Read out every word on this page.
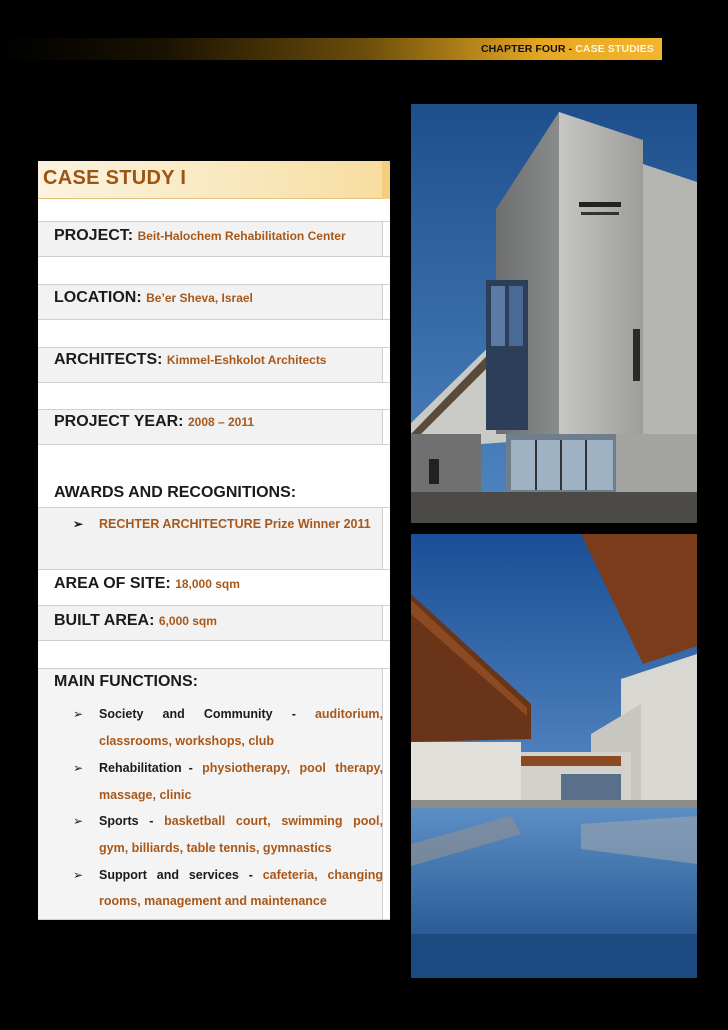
CHAPTER FOUR - CASE STUDIES
CASE STUDY I
PROJECT: Beit-Halochem Rehabilitation Center
LOCATION: Be’er Sheva, Israel
ARCHITECTS: Kimmel-Eshkolot Architects
PROJECT YEAR: 2008 – 2011
AWARDS AND RECOGNITIONS:
➢ RECHTER ARCHITECTURE Prize Winner 2011
AREA OF SITE: 18,000 sqm
BUILT AREA: 6,000 sqm
MAIN FUNCTIONS:
➢ Society and Community - auditorium,
classrooms, workshops, club
➢ Rehabilitation - physiotherapy, pool therapy,
massage, clinic
➢ Sports - basketball court, swimming pool,
gym, billiards, table tennis, gymnastics
➢ Support and services - cafeteria, changing
rooms, management and maintenance
